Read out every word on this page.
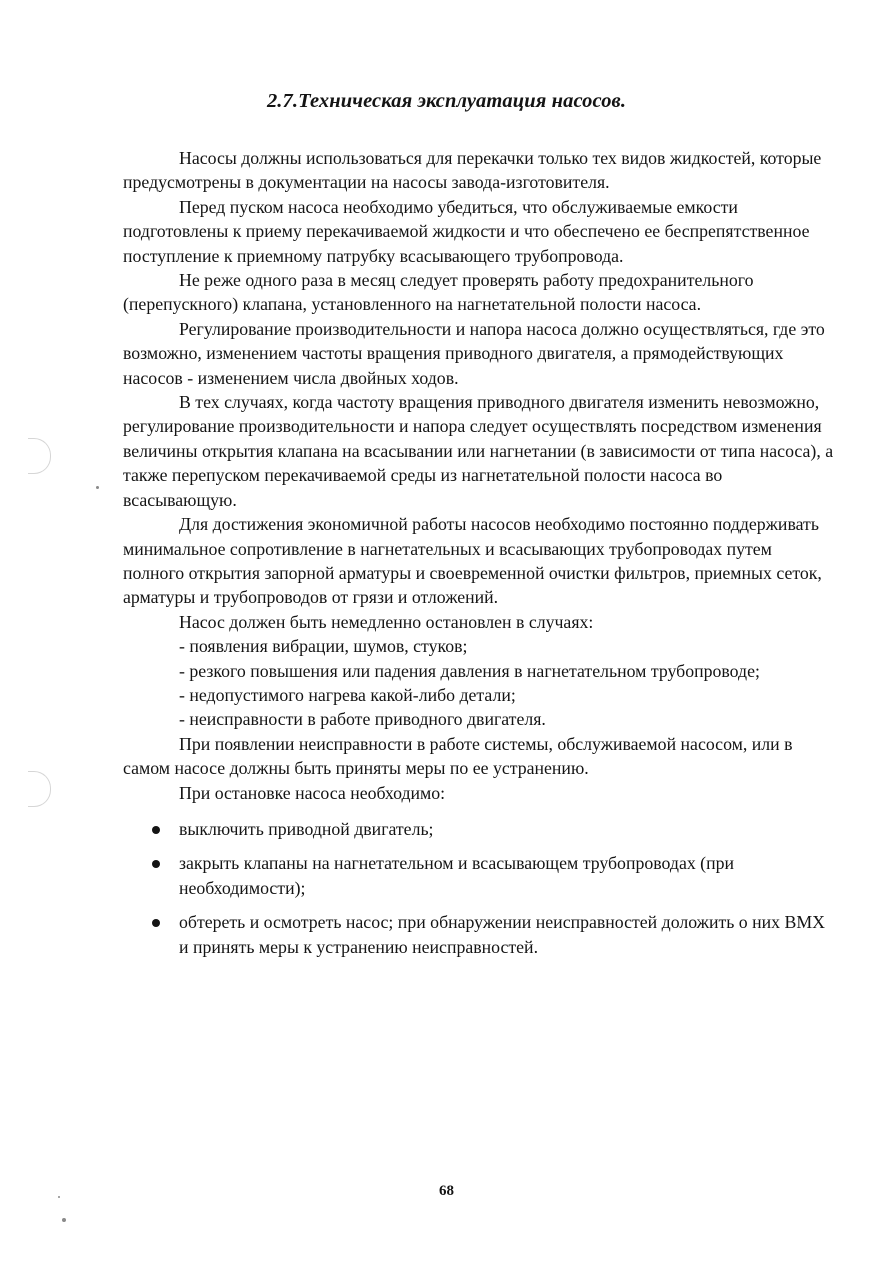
2.7.Техническая эксплуатация насосов.

Насосы должны использоваться для перекачки только тех видов жидкостей, которые предусмотрены в документации на насосы завода-изготовителя.

Перед пуском насоса необходимо убедиться, что обслуживаемые емкости подготовлены к приему перекачиваемой жидкости и что обеспечено ее беспрепятственное поступление к приемному патрубку всасывающего трубопровода.

Не реже одного раза в месяц следует проверять работу предохранительного (перепускного) клапана, установленного на нагнетательной полости насоса.

Регулирование производительности и напора насоса должно осуществляться, где это возможно, изменением частоты вращения приводного двигателя, а прямодействующих насосов - изменением числа двойных ходов.

В тех случаях, когда частоту вращения приводного двигателя изменить невозможно, регулирование производительности и напора следует осуществлять посредством изменения величины открытия клапана на всасывании или нагнетании (в зависимости от типа насоса), а также перепуском перекачиваемой среды из нагнетательной полости насоса во всасывающую.

Для достижения экономичной работы насосов необходимо постоянно поддерживать минимальное сопротивление в нагнетательных и всасывающих трубопроводах путем полного открытия запорной арматуры и своевременной очистки фильтров, приемных сеток, арматуры и трубопроводов от грязи и отложений.

Насос должен быть немедленно остановлен в случаях:

- появления вибрации, шумов, стуков;

- резкого повышения или падения давления в нагнетательном трубопроводе;

- недопустимого нагрева какой-либо детали;

- неисправности в работе приводного двигателя.

При появлении неисправности в работе системы, обслуживаемой насосом, или в самом насосе должны быть приняты меры по ее устранению.

При остановке насоса необходимо:

выключить приводной двигатель;
закрыть клапаны на нагнетательном и всасывающем трубопроводах (при необходимости);
обтереть и осмотреть насос; при обнаружении неисправностей доложить о них ВМХ и принять меры к устранению неисправностей.
68
